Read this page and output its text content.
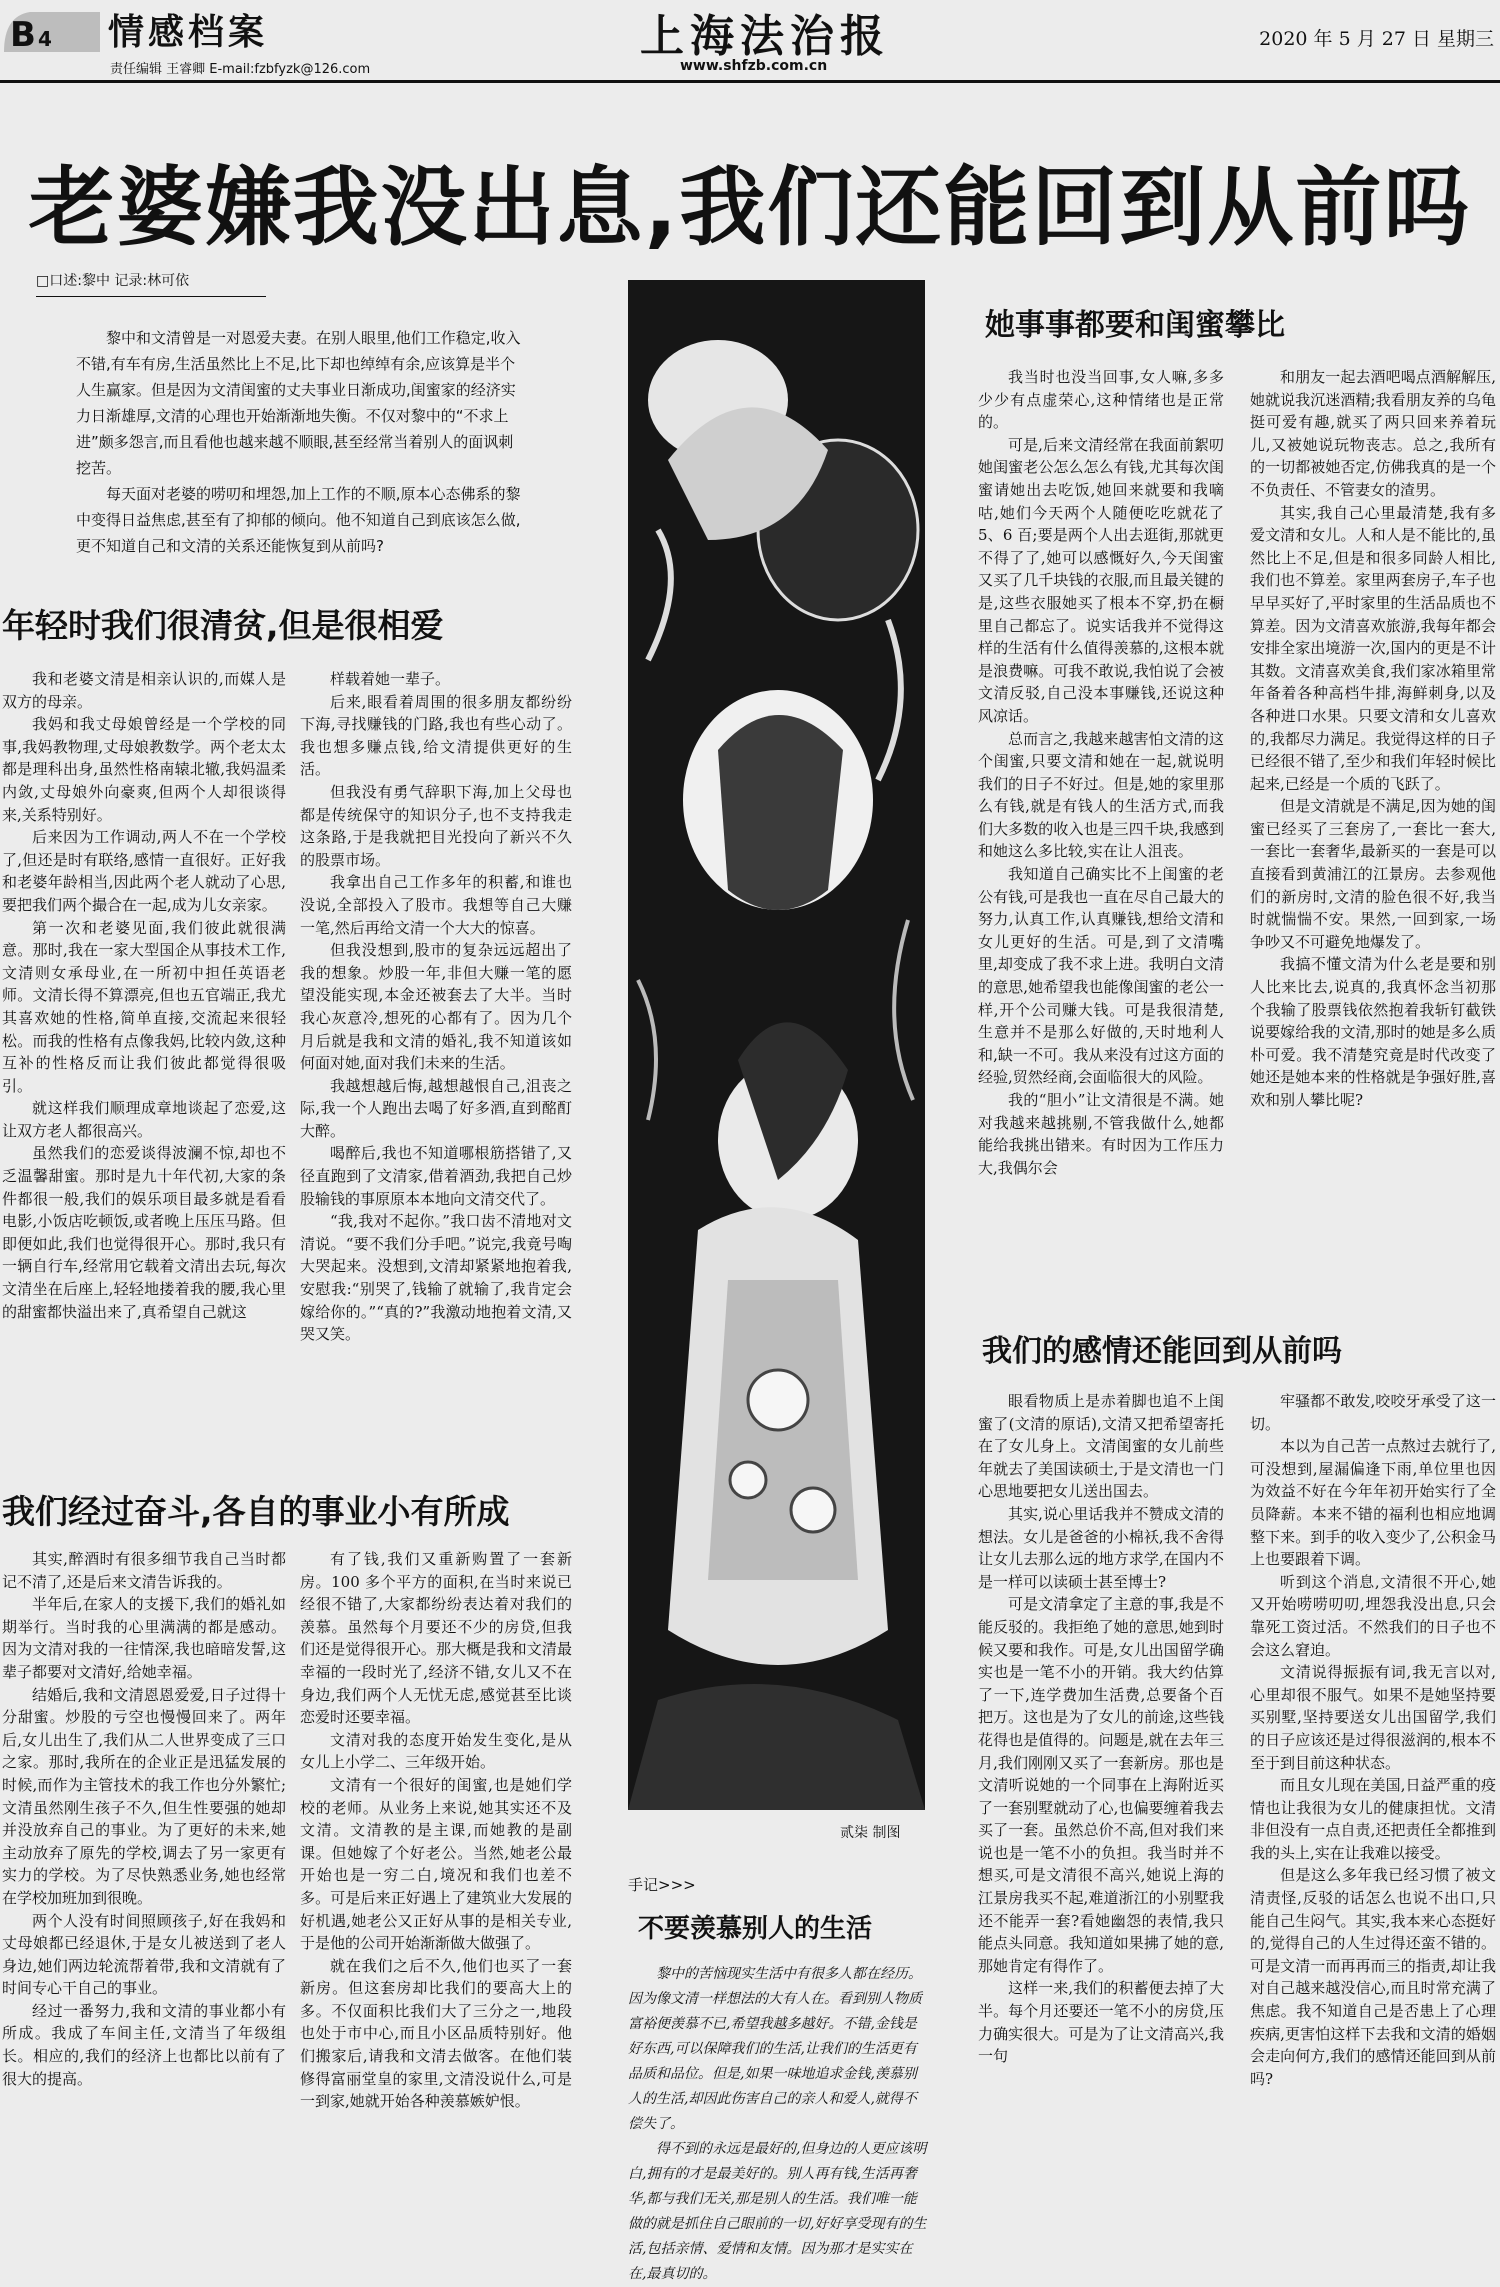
B 4 情感档案
责任编辑 王睿卿 E-mail:fzbfyzk@126.com
上海法治报
www.shfzb.com.cn
2020 年 5 月 27 日 星期三
老婆嫌我没出息,我们还能回到从前吗
□口述:黎中 记录:林可依

黎中和文清曾是一对恩爱夫妻。在别人眼里,他们工作稳定,收入不错,有车有房,生活虽然比上不足,比下却也绰绰有余,应该算是半个人生赢家。但是因为文清闺蜜的丈夫事业日渐成功,闺蜜家的经济实力日渐雄厚,文清的心理也开始渐渐地失衡。不仅对黎中的“不求上进”颇多怨言,而且看他也越来越不顺眼,甚至经常当着别人的面讽刺挖苦。

每天面对老婆的唠叨和埋怨,加上工作的不顺,原本心态佛系的黎中变得日益焦虑,甚至有了抑郁的倾向。他不知道自己到底该怎么做,更不知道自己和文清的关系还能恢复到从前吗?

年轻时我们很清贫,但是很相爱

我和老婆文清是相亲认识的,而媒人是双方的母亲。

我妈和我丈母娘曾经是一个学校的同事,我妈教物理,丈母娘教数学。两个老太太都是理科出身,虽然性格南辕北辙,我妈温柔内敛,丈母娘外向豪爽,但两个人却很谈得来,关系特别好。

后来因为工作调动,两人不在一个学校了,但还是时有联络,感情一直很好。正好我和老婆年龄相当,因此两个老人就动了心思,要把我们两个撮合在一起,成为儿女亲家。

第一次和老婆见面,我们彼此就很满意。那时,我在一家大型国企从事技术工作,文清则女承母业,在一所初中担任英语老师。文清长得不算漂亮,但也五官端正,我尤其喜欢她的性格,简单直接,交流起来很轻松。而我的性格有点像我妈,比较内敛,这种互补的性格反而让我们彼此都觉得很吸引。

就这样我们顺理成章地谈起了恋爱,这让双方老人都很高兴。

虽然我们的恋爱谈得波澜不惊,却也不乏温馨甜蜜。那时是九十年代初,大家的条件都很一般,我们的娱乐项目最多就是看看电影,小饭店吃顿饭,或者晚上压压马路。但即便如此,我们也觉得很开心。那时,我只有一辆自行车,经常用它载着文清出去玩,每次文清坐在后座上,轻轻地搂着我的腰,我心里的甜蜜都快溢出来了,真希望自己就这

样载着她一辈子。

后来,眼看着周围的很多朋友都纷纷下海,寻找赚钱的门路,我也有些心动了。我也想多赚点钱,给文清提供更好的生活。

但我没有勇气辞职下海,加上父母也都是传统保守的知识分子,也不支持我走这条路,于是我就把目光投向了新兴不久的股票市场。

我拿出自己工作多年的积蓄,和谁也没说,全部投入了股市。我想等自己大赚一笔,然后再给文清一个大大的惊喜。

但我没想到,股市的复杂远远超出了我的想象。炒股一年,非但大赚一笔的愿望没能实现,本金还被套去了大半。当时我心灰意冷,想死的心都有了。因为几个月后就是我和文清的婚礼,我不知道该如何面对她,面对我们未来的生活。

我越想越后悔,越想越恨自己,沮丧之际,我一个人跑出去喝了好多酒,直到酩酊大醉。

喝醉后,我也不知道哪根筋搭错了,又径直跑到了文清家,借着酒劲,我把自己炒股输钱的事原原本本地向文清交代了。

“我,我对不起你。”我口齿不清地对文清说。“要不我们分手吧。”说完,我竟号啕大哭起来。没想到,文清却紧紧地抱着我,安慰我:“别哭了,钱输了就输了,我肯定会嫁给你的。”“真的?”我激动地抱着文清,又哭又笑。

我们经过奋斗,各自的事业小有所成

其实,醉酒时有很多细节我自己当时都记不清了,还是后来文清告诉我的。

半年后,在家人的支援下,我们的婚礼如期举行。当时我的心里满满的都是感动。因为文清对我的一往情深,我也暗暗发誓,这辈子都要对文清好,给她幸福。

结婚后,我和文清恩恩爱爱,日子过得十分甜蜜。炒股的亏空也慢慢回来了。两年后,女儿出生了,我们从二人世界变成了三口之家。那时,我所在的企业正是迅猛发展的时候,而作为主管技术的我工作也分外繁忙;文清虽然刚生孩子不久,但生性要强的她却并没放弃自己的事业。为了更好的未来,她主动放弃了原先的学校,调去了另一家更有实力的学校。为了尽快熟悉业务,她也经常在学校加班加到很晚。

两个人没有时间照顾孩子,好在我妈和丈母娘都已经退休,于是女儿被送到了老人身边,她们两边轮流帮着带,我和文清就有了时间专心干自己的事业。

经过一番努力,我和文清的事业都小有所成。我成了车间主任,文清当了年级组长。相应的,我们的经济上也都比以前有了很大的提高。

有了钱,我们又重新购置了一套新房。100 多个平方的面积,在当时来说已经很不错了,大家都纷纷表达着对我们的羡慕。虽然每个月要还不少的房贷,但我们还是觉得很开心。那大概是我和文清最幸福的一段时光了,经济不错,女儿又不在身边,我们两个人无忧无虑,感觉甚至比谈恋爱时还要幸福。

文清对我的态度开始发生变化,是从女儿上小学二、三年级开始。

文清有一个很好的闺蜜,也是她们学校的老师。从业务上来说,她其实还不及文清。文清教的是主课,而她教的是副课。但她嫁了个好老公。当然,她老公最开始也是一穷二白,境况和我们也差不多。可是后来正好遇上了建筑业大发展的好机遇,她老公又正好从事的是相关专业,于是他的公司开始渐渐做大做强了。

就在我们之后不久,他们也买了一套新房。但这套房却比我们的要高大上的多。不仅面积比我们大了三分之一,地段也处于市中心,而且小区品质特别好。他们搬家后,请我和文清去做客。在他们装修得富丽堂皇的家里,文清没说什么,可是一到家,她就开始各种羡慕嫉妒恨。

贰柒 制图
手记>>>
不要羡慕别人的生活

黎中的苦恼现实生活中有很多人都在经历。因为像文清一样想法的大有人在。看到别人物质富裕便羡慕不已,希望我越多越好。不错,金钱是好东西,可以保障我们的生活,让我们的生活更有品质和品位。但是,如果一味地追求金钱,羡慕别人的生活,却因此伤害自己的亲人和爱人,就得不偿失了。

得不到的永远是最好的,但身边的人更应该明白,拥有的才是最美好的。别人再有钱,生活再奢华,都与我们无关,那是别人的生活。我们唯一能做的就是抓住自己眼前的一切,好好享受现有的生活,包括亲情、爱情和友情。因为那才是实实在在,最真切的。

她事事都要和闺蜜攀比

我当时也没当回事,女人嘛,多多少少有点虚荣心,这种情绪也是正常的。

可是,后来文清经常在我面前絮叨她闺蜜老公怎么怎么有钱,尤其每次闺蜜请她出去吃饭,她回来就要和我嘀咕,她们今天两个人随便吃吃就花了 5、6 百;要是两个人出去逛街,那就更不得了了,她可以感慨好久,今天闺蜜又买了几千块钱的衣服,而且最关键的是,这些衣服她买了根本不穿,扔在橱里自己都忘了。说实话我并不觉得这样的生活有什么值得羡慕的,这根本就是浪费嘛。可我不敢说,我怕说了会被文清反驳,自己没本事赚钱,还说这种风凉话。

总而言之,我越来越害怕文清的这个闺蜜,只要文清和她在一起,就说明我们的日子不好过。但是,她的家里那么有钱,就是有钱人的生活方式,而我们大多数的收入也是三四千块,我感到和她这么多比较,实在让人沮丧。

我知道自己确实比不上闺蜜的老公有钱,可是我也一直在尽自己最大的努力,认真工作,认真赚钱,想给文清和女儿更好的生活。可是,到了文清嘴里,却变成了我不求上进。我明白文清的意思,她希望我也能像闺蜜的老公一样,开个公司赚大钱。可是我很清楚,生意并不是那么好做的,天时地利人和,缺一不可。我从来没有过这方面的经验,贸然经商,会面临很大的风险。

我的“胆小”让文清很是不满。她对我越来越挑剔,不管我做什么,她都能给我挑出错来。有时因为工作压力大,我偶尔会

和朋友一起去酒吧喝点酒解解压,她就说我沉迷酒精;我看朋友养的乌龟挺可爱有趣,就买了两只回来养着玩儿,又被她说玩物丧志。总之,我所有的一切都被她否定,仿佛我真的是一个不负责任、不管妻女的渣男。

其实,我自己心里最清楚,我有多爱文清和女儿。人和人是不能比的,虽然比上不足,但是和很多同龄人相比,我们也不算差。家里两套房子,车子也早早买好了,平时家里的生活品质也不算差。因为文清喜欢旅游,我每年都会安排全家出境游一次,国内的更是不计其数。文清喜欢美食,我们家冰箱里常年备着各种高档牛排,海鲜刺身,以及各种进口水果。只要文清和女儿喜欢的,我都尽力满足。我觉得这样的日子已经很不错了,至少和我们年轻时候比起来,已经是一个质的飞跃了。

但是文清就是不满足,因为她的闺蜜已经买了三套房了,一套比一套大,一套比一套奢华,最新买的一套是可以直接看到黄浦江的江景房。去参观他们的新房时,文清的脸色很不好,我当时就惴惴不安。果然,一回到家,一场争吵又不可避免地爆发了。

我搞不懂文清为什么老是要和别人比来比去,说真的,我真怀念当初那个我输了股票钱依然抱着我斩钉截铁说要嫁给我的文清,那时的她是多么质朴可爱。我不清楚究竟是时代改变了她还是她本来的性格就是争强好胜,喜欢和别人攀比呢?

我们的感情还能回到从前吗

眼看物质上是赤着脚也追不上闺蜜了(文清的原话),文清又把希望寄托在了女儿身上。文清闺蜜的女儿前些年就去了美国读硕士,于是文清也一门心思地要把女儿送出国去。

其实,说心里话我并不赞成文清的想法。女儿是爸爸的小棉袄,我不舍得让女儿去那么远的地方求学,在国内不是一样可以读硕士甚至博士?

可是文清拿定了主意的事,我是不能反驳的。我拒绝了她的意思,她到时候又要和我作。可是,女儿出国留学确实也是一笔不小的开销。我大约估算了一下,连学费加生活费,总要备个百把万。这也是为了女儿的前途,这些钱花得也是值得的。问题是,就在去年三月,我们刚刚又买了一套新房。那也是文清听说她的一个同事在上海附近买了一套别墅就动了心,也偏要缠着我去买了一套。虽然总价不高,但对我们来说也是一笔不小的负担。我当时并不想买,可是文清很不高兴,她说上海的江景房我买不起,难道浙江的小别墅我还不能弄一套?看她幽怨的表情,我只能点头同意。我知道如果拂了她的意,那她肯定有得作了。

这样一来,我们的积蓄便去掉了大半。每个月还要还一笔不小的房贷,压力确实很大。可是为了让文清高兴,我一句

牢骚都不敢发,咬咬牙承受了这一切。

本以为自己苦一点熬过去就行了,可没想到,屋漏偏逢下雨,单位里也因为效益不好在今年年初开始实行了全员降薪。本来不错的福利也相应地调整下来。到手的收入变少了,公积金马上也要跟着下调。

听到这个消息,文清很不开心,她又开始唠唠叨叨,埋怨我没出息,只会靠死工资过活。不然我们的日子也不会这么窘迫。

文清说得振振有词,我无言以对,心里却很不服气。如果不是她坚持要买别墅,坚持要送女儿出国留学,我们的日子应该还是过得很滋润的,根本不至于到目前这种状态。

而且女儿现在美国,日益严重的疫情也让我很为女儿的健康担忧。文清非但没有一点自责,还把责任全都推到我的头上,实在让我难以接受。

但是这么多年我已经习惯了被文清责怪,反驳的话怎么也说不出口,只能自己生闷气。其实,我本来心态挺好的,觉得自己的人生过得还蛮不错的。可是文清一而再再而三的指责,却让我对自己越来越没信心,而且时常充满了焦虑。我不知道自己是否患上了心理疾病,更害怕这样下去我和文清的婚姻会走向何方,我们的感情还能回到从前吗?
